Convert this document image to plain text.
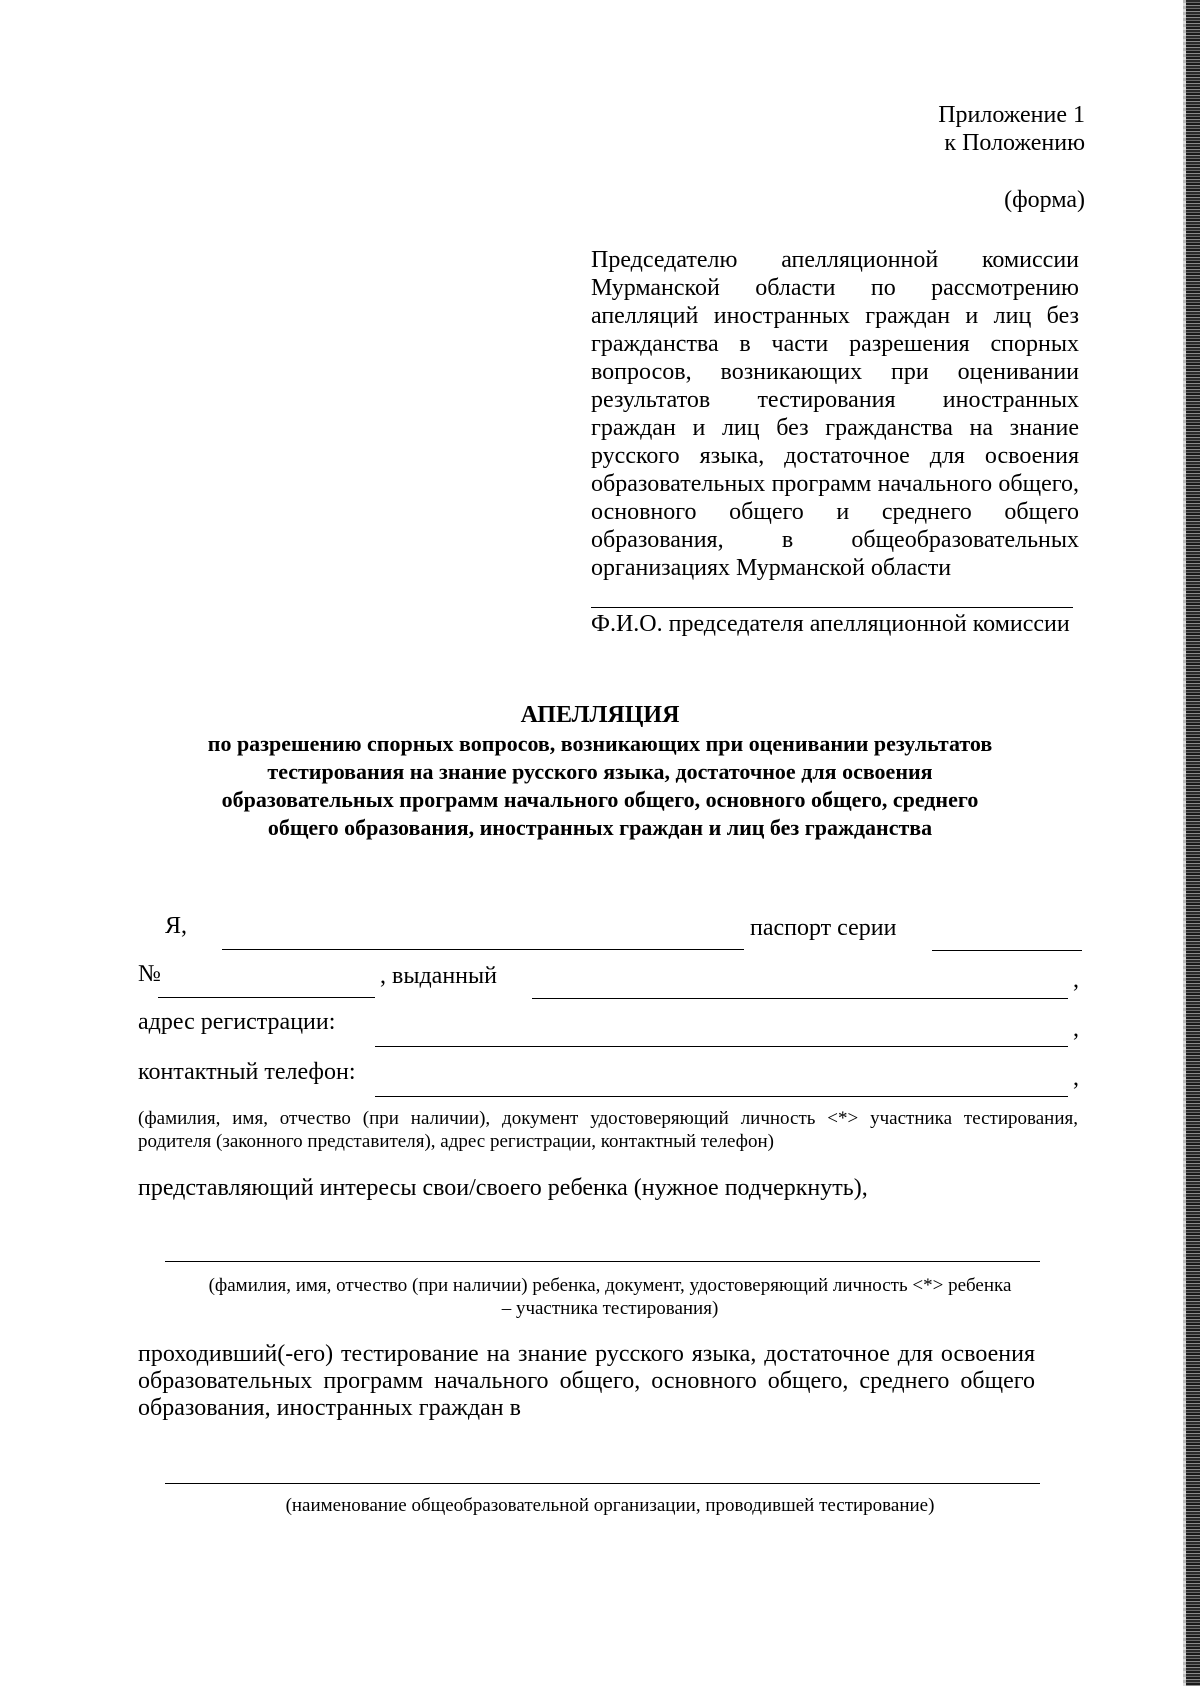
Приложение 1
к Положению
(форма)
Председателю апелляционной комиссии Мурманской области по рассмотрению апелляций иностранных граждан и лиц без гражданства в части разрешения спорных вопросов, возникающих при оценивании результатов тестирования иностранных граждан и лиц без гражданства на знание русского языка, достаточное для освоения образовательных программ начального общего, основного общего и среднего общего образования, в общеобразовательных организациях Мурманской области
Ф.И.О. председателя апелляционной комиссии
АПЕЛЛЯЦИЯ
по разрешению спорных вопросов, возникающих при оценивании результатов
тестирования на знание русского языка, достаточное для освоения
образовательных программ начального общего, основного общего, среднего
общего образования, иностранных граждан и лиц без гражданства
Я,	паспорт серии
№	, выданный	,
адрес регистрации:	,
контактный телефон:	,
(фамилия, имя, отчество (при наличии), документ удостоверяющий личность <*> участника тестирования, родителя (законного представителя), адрес регистрации, контактный телефон)
представляющий интересы свои/своего ребенка (нужное подчеркнуть),
(фамилия, имя, отчество (при наличии) ребенка, документ, удостоверяющий личность <*> ребенка
– участника тестирования)
проходивший(-его) тестирование на знание русского языка, достаточное для освоения образовательных программ начального общего, основного общего, среднего общего образования, иностранных граждан в
(наименование общеобразовательной организации, проводившей тестирование)
